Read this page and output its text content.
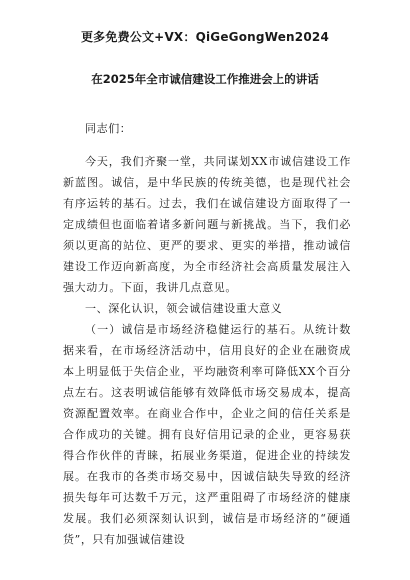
更多免费公文+VX：QiGeGongWen2024
在2025年全市诚信建设工作推进会上的讲话

同志们：

今天，我们齐聚一堂，共同谋划XX市诚信建设工作新蓝图。诚信，是中华民族的传统美德，也是现代社会有序运转的基石。过去，我们在诚信建设方面取得了一定成绩但也面临着诸多新问题与新挑战。当下，我们必须以更高的站位、更严的要求、更实的举措，推动诚信建设工作迈向新高度，为全市经济社会高质量发展注入强大动力。下面，我讲几点意见。

一、深化认识，领会诚信建设重大意义

（一）诚信是市场经济稳健运行的基石。从统计数据来看，在市场经济活动中，信用良好的企业在融资成本上明显低于失信企业，平均融资利率可降低XX个百分点左右。这表明诚信能够有效降低市场交易成本，提高资源配置效率。在商业合作中，企业之间的信任关系是合作成功的关键。拥有良好信用记录的企业，更容易获得合作伙伴的青睐，拓展业务渠道，促进企业的持续发展。在我市的各类市场交易中，因诚信缺失导致的经济损失每年可达数千万元，这严重阻碍了市场经济的健康发展。我们必须深刻认识到，诚信是市场经济的“硬通货”，只有加强诚信建设
